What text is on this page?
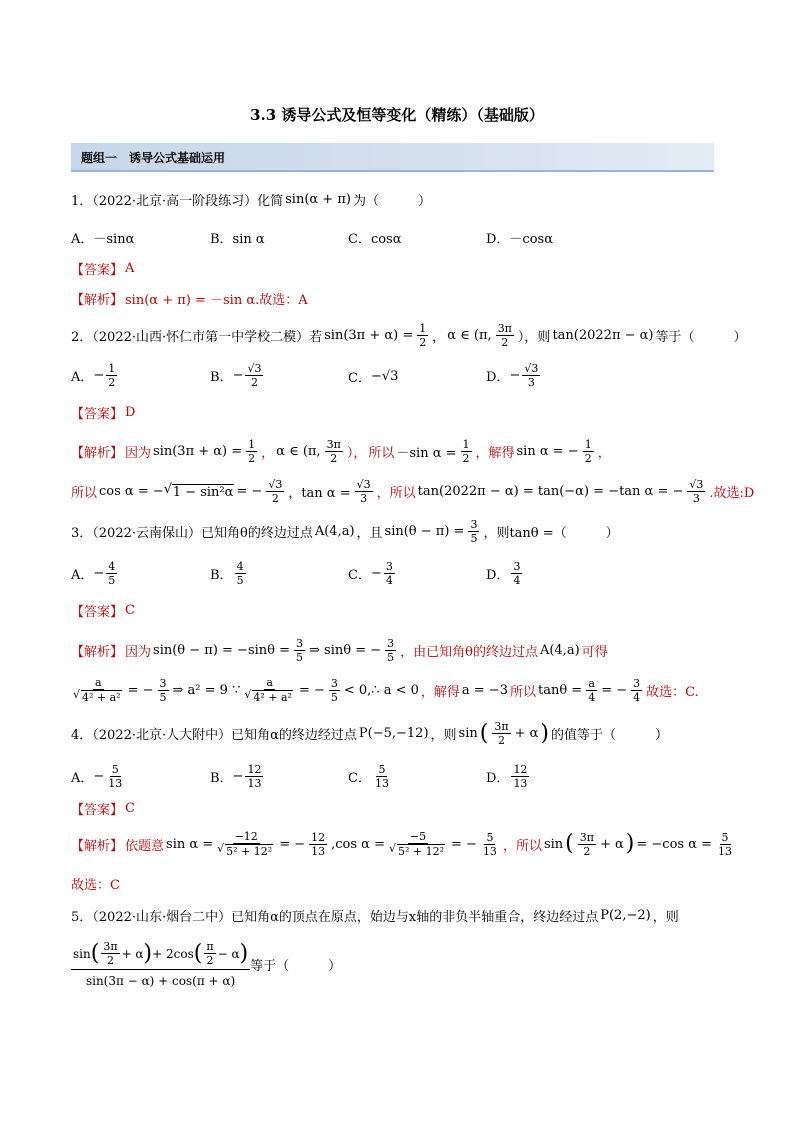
3.3 诱导公式及恒等变化（精练）（基础版）
题组一　诱导公式基础运用
1．（2022·北京·高一阶段练习）化简 sin(α + π) 为（　　　）
A．－sinα	B．sin α	C．cosα	D．－cosα
【答案】 A
【解析】 sin(α + π) = －sin α.故选：A
2．（2022·山西·怀仁市第一中学校二模）若 $\sin(3\pi + \alpha) = \frac{1}{2}$ ， α ∈ (π, $\frac{3\pi}{2}$ ），则 tan(2022π − α) 等于（　　　）
A． − $\frac{1}{2}$	B． − $\frac{√3}{2}$	C． −√3	D． − $\frac{√3}{3}$
【答案】 D
【解析】 因为 $\sin(3\pi + \alpha) = \frac{1}{2}$ ， α ∈ (π, $\frac{3\pi}{2}$ ）， 所以 －sin $\alpha = \frac{1}{2}$ ，解得 sin α = − $\frac{1}{2}$ ，
所以 cos α = −
√ 1 − sin²α = − $\frac{√3}{2}$ ，$\tan \alpha = \frac{√3}{3}$ ，所以 tan(2022π − α) = tan(−α) = −tan α = − $\frac{√3}{3}$ .故选:D
3．（2022·云南保山）已知角θ的终边过点 A(4,a) ，且 $\sin(\theta - \pi) = \frac{3}{5}$ ，则tanθ =（　　　）
A． − $\frac{4}{5}$	B． $\frac{4}{5}$	C． − $\frac{3}{4}$	D． $\frac{3}{4}$
【答案】 C
【解析】 因为 $\sin(\theta - \pi) = -\sin\theta = \frac{3}{5}$ ⇒ sinθ = − $\frac{3}{5}$ ，由已知角θ的终边过点 A(4,a) 可得
a
√ 4² + a² = − $\frac{3}{5}$ ⇒ a² = 9 ∵ a
√ 4² + a² = − $\frac{3}{5}$ < 0,∴ a < 0 ，解得 a = −3 所以 $\tan\theta = \frac{a}{4}$ = − $\frac{3}{4}$ 故选：C.
4．（2022·北京·人大附中）已知角α的终边经过点 P(−5,−12) ，则 sin ( $\frac{3\pi}{2} + \alpha$ ) 的值等于（　　　）
A． − $\frac{5}{13}$	B． − $\frac{12}{13}$	C． $\frac{5}{13}$	D． $\frac{12}{13}$
【答案】 C
【解析】 依题意 sin α = −12
√ 5² + 12² = − $\frac{12}{13} ,\cos$ α = −5
√ 5² + 12² = − $\frac{5}{13}$ ，所以 sin ( $\frac{3\pi}{2} + \alpha$ ) = −cos $\alpha = \frac{5}{13}$
故选：C
5．（2022·山东·烟台二中）已知角α的顶点在原点，始边与x轴的非负半轴重合，终边经过点 P(2,−2) ，则
sin ( $\frac{3\pi}{2} + \alpha$ ) + 2cos ( $\frac{\pi}{2} - \alpha$ )
sin(3π − α) + cos(π + α)
等于（　　　）
